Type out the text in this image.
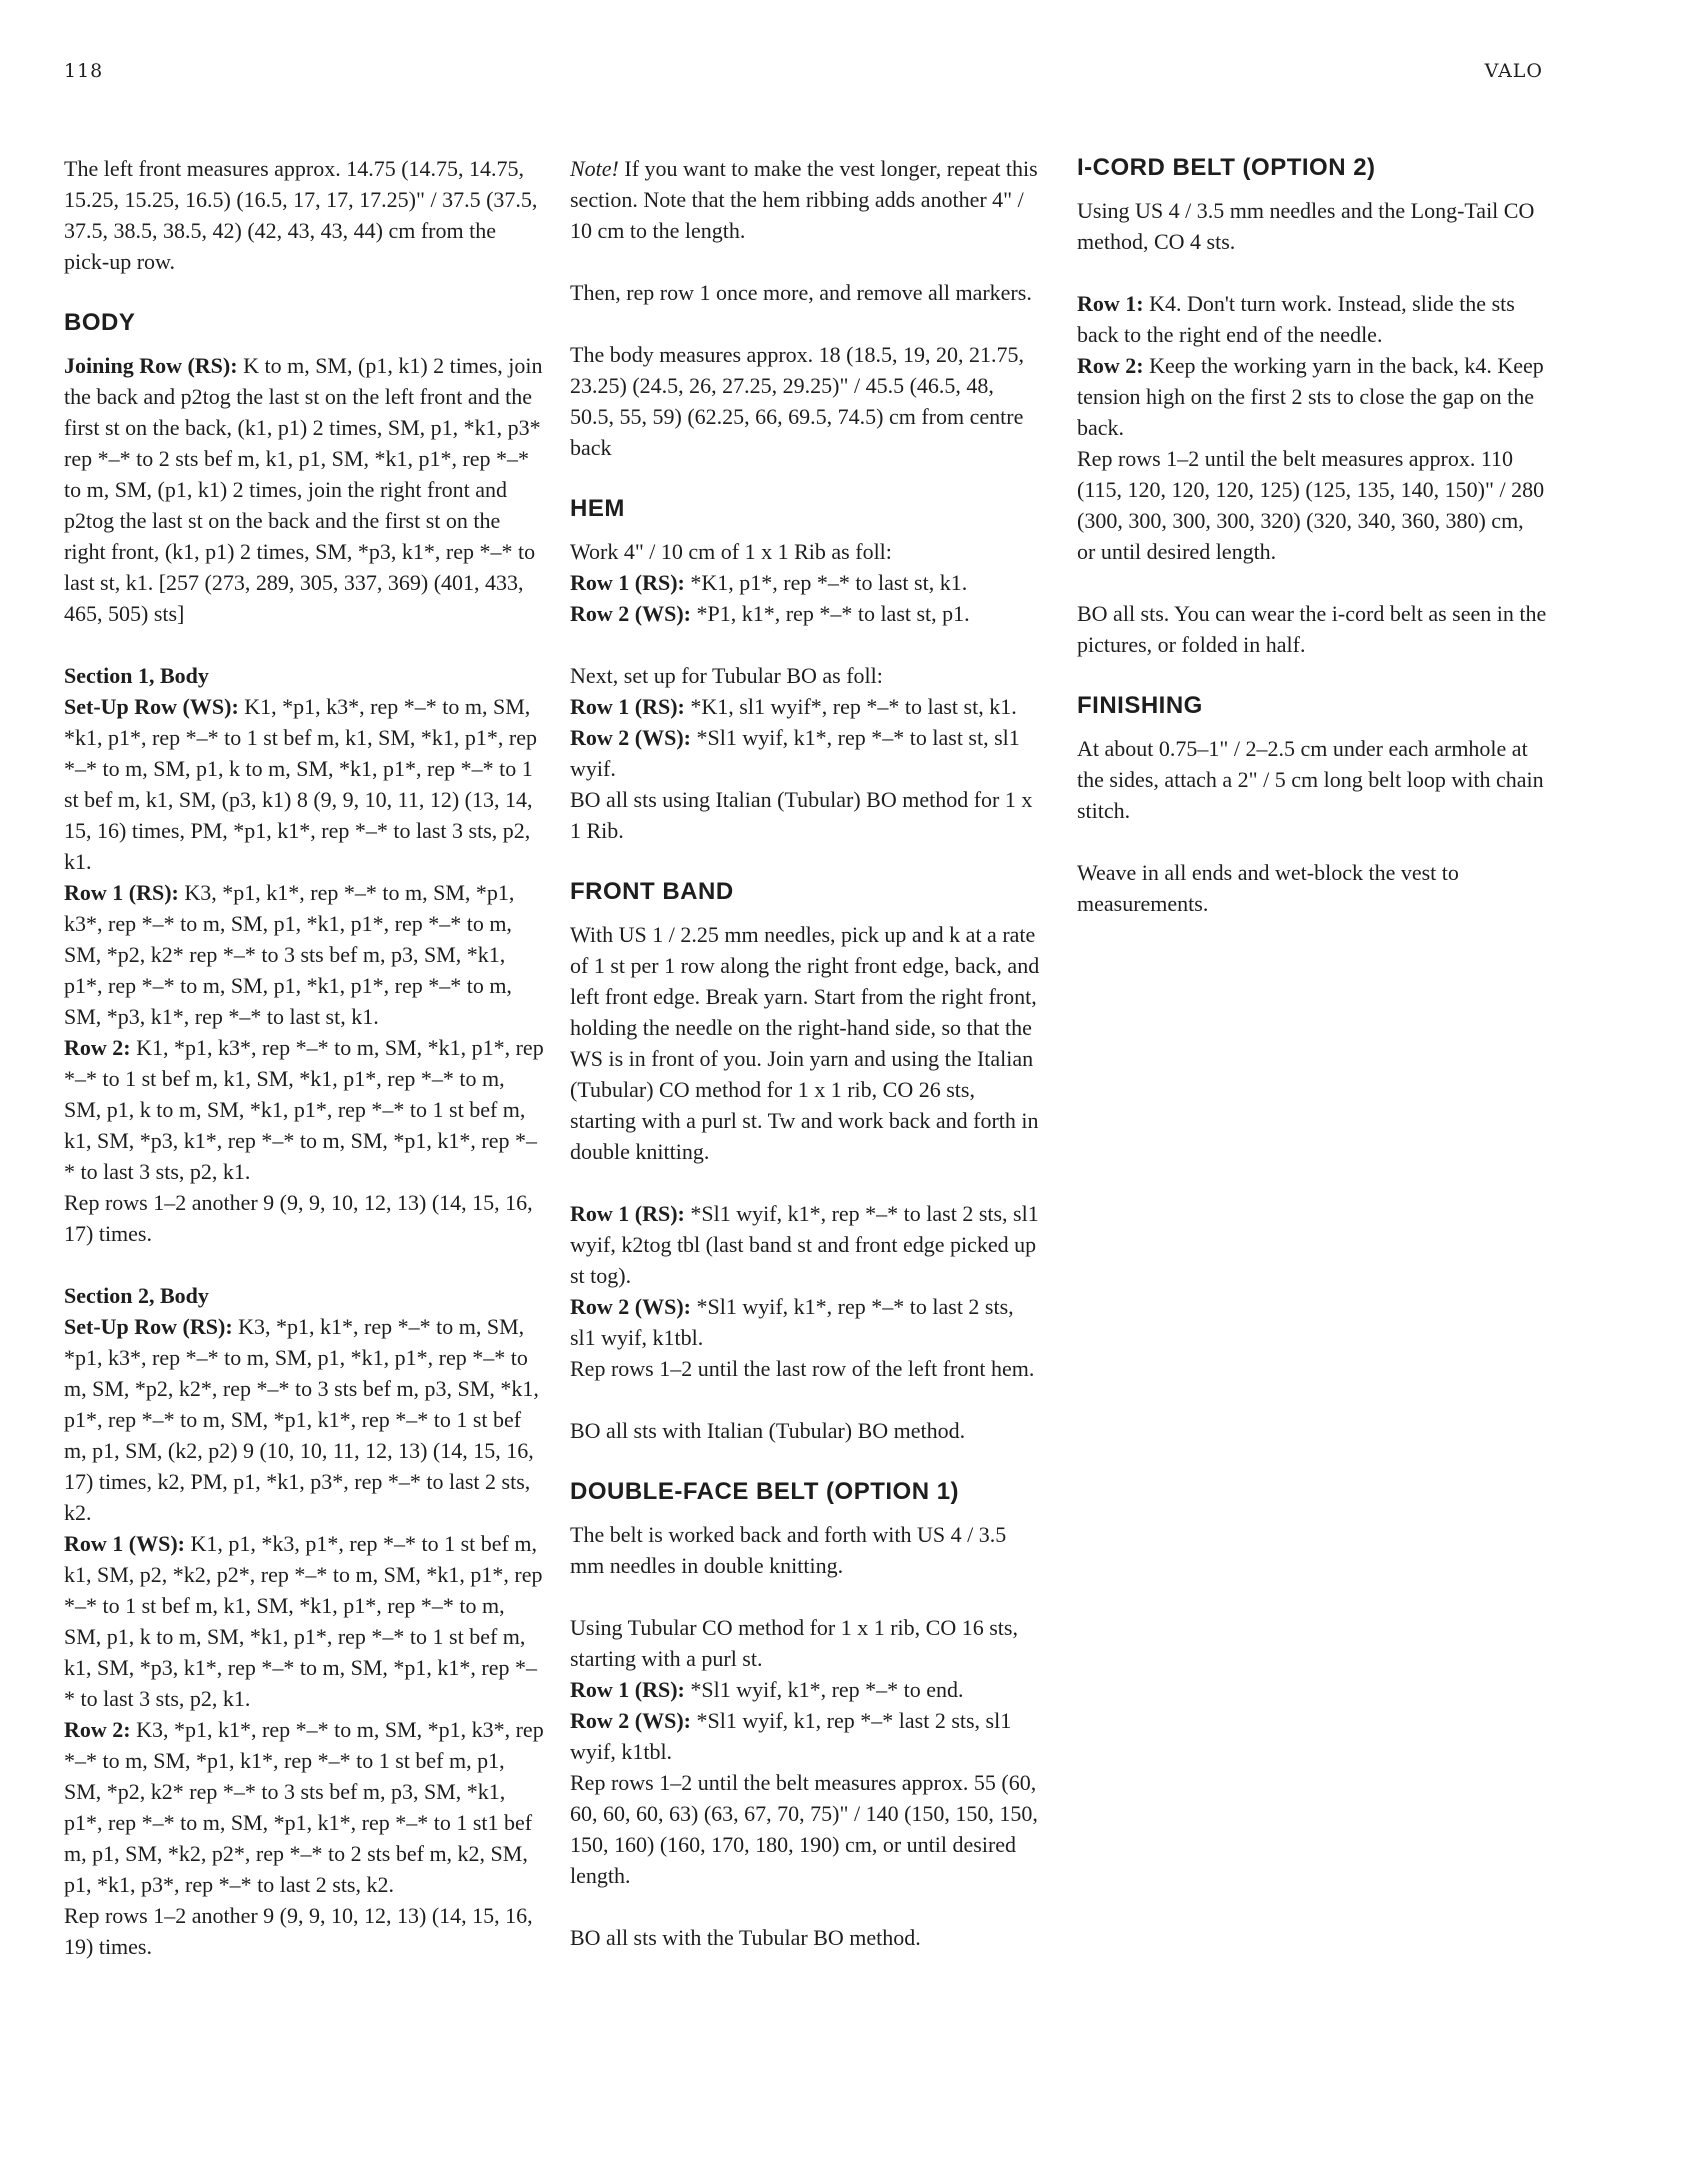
118	VALO

The left front measures approx. 14.75 (14.75, 14.75, 15.25, 15.25, 16.5) (16.5, 17, 17, 17.25)" / 37.5 (37.5, 37.5, 38.5, 38.5, 42) (42, 43, 43, 44) cm from the pick-up row.

BODY

Joining Row (RS): K to m, SM, (p1, k1) 2 times, join the back and p2tog the last st on the left front and the first st on the back, (k1, p1) 2 times, SM, p1, *k1, p3* rep *–* to 2 sts bef m, k1, p1, SM, *k1, p1*, rep *–* to m, SM, (p1, k1) 2 times, join the right front and p2tog the last st on the back and the first st on the right front, (k1, p1) 2 times, SM, *p3, k1*, rep *–* to last st, k1. [257 (273, 289, 305, 337, 369) (401, 433, 465, 505) sts]

Section 1, Body

Set-Up Row (WS): K1, *p1, k3*, rep *–* to m, SM, *k1, p1*, rep *–* to 1 st bef m, k1, SM, *k1, p1*, rep *–* to m, SM, p1, k to m, SM, *k1, p1*, rep *–* to 1 st bef m, k1, SM, (p3, k1) 8 (9, 9, 10, 11, 12) (13, 14, 15, 16) times, PM, *p1, k1*, rep *–* to last 3 sts, p2, k1.

Row 1 (RS): K3, *p1, k1*, rep *–* to m, SM, *p1, k3*, rep *–* to m, SM, p1, *k1, p1*, rep *–* to m, SM, *p2, k2* rep *–* to 3 sts bef m, p3, SM, *k1, p1*, rep *–* to m, SM, p1, *k1, p1*, rep *–* to m, SM, *p3, k1*, rep *–* to last st, k1.

Row 2: K1, *p1, k3*, rep *–* to m, SM, *k1, p1*, rep *–* to 1 st bef m, k1, SM, *k1, p1*, rep *–* to m, SM, p1, k to m, SM, *k1, p1*, rep *–* to 1 st bef m, k1, SM, *p3, k1*, rep *–* to m, SM, *p1, k1*, rep *–* to last 3 sts, p2, k1.

Rep rows 1–2 another 9 (9, 9, 10, 12, 13) (14, 15, 16, 17) times.

Section 2, Body

Set-Up Row (RS): K3, *p1, k1*, rep *–* to m, SM, *p1, k3*, rep *–* to m, SM, p1, *k1, p1*, rep *–* to m, SM, *p2, k2*, rep *–* to 3 sts bef m, p3, SM, *k1, p1*, rep *–* to m, SM, *p1, k1*, rep *–* to 1 st bef m, p1, SM, (k2, p2) 9 (10, 10, 11, 12, 13) (14, 15, 16, 17) times, k2, PM, p1, *k1, p3*, rep *–* to last 2 sts, k2.

Row 1 (WS): K1, p1, *k3, p1*, rep *–* to 1 st bef m, k1, SM, p2, *k2, p2*, rep *–* to m, SM, *k1, p1*, rep *–* to 1 st bef m, k1, SM, *k1, p1*, rep *–* to m, SM, p1, k to m, SM, *k1, p1*, rep *–* to 1 st bef m, k1, SM, *p3, k1*, rep *–* to m, SM, *p1, k1*, rep *–* to last 3 sts, p2, k1.

Row 2: K3, *p1, k1*, rep *–* to m, SM, *p1, k3*, rep *–* to m, SM, *p1, k1*, rep *–* to 1 st bef m, p1, SM, *p2, k2* rep *–* to 3 sts bef m, p3, SM, *k1, p1*, rep *–* to m, SM, *p1, k1*, rep *–* to 1 st1 bef m, p1, SM, *k2, p2*, rep *–* to 2 sts bef m, k2, SM, p1, *k1, p3*, rep *–* to last 2 sts, k2.

Rep rows 1–2 another 9 (9, 9, 10, 12, 13) (14, 15, 16, 19) times.

Note! If you want to make the vest longer, repeat this section. Note that the hem ribbing adds another 4" / 10 cm to the length.

Then, rep row 1 once more, and remove all markers.

The body measures approx. 18 (18.5, 19, 20, 21.75, 23.25) (24.5, 26, 27.25, 29.25)" / 45.5 (46.5, 48, 50.5, 55, 59) (62.25, 66, 69.5, 74.5) cm from centre back

HEM

Work 4" / 10 cm of 1 x 1 Rib as foll:

Row 1 (RS): *K1, p1*, rep *–* to last st, k1.

Row 2 (WS): *P1, k1*, rep *–* to last st, p1.

Next, set up for Tubular BO as foll:

Row 1 (RS): *K1, sl1 wyif*, rep *–* to last st, k1.

Row 2 (WS): *Sl1 wyif, k1*, rep *–* to last st, sl1 wyif.

BO all sts using Italian (Tubular) BO method for 1 x 1 Rib.

FRONT BAND

With US 1 / 2.25 mm needles, pick up and k at a rate of 1 st per 1 row along the right front edge, back, and left front edge. Break yarn. Start from the right front, holding the needle on the right-hand side, so that the WS is in front of you. Join yarn and using the Italian (Tubular) CO method for 1 x 1 rib, CO 26 sts, starting with a purl st. Tw and work back and forth in double knitting.

Row 1 (RS): *Sl1 wyif, k1*, rep *–* to last 2 sts, sl1 wyif, k2tog tbl (last band st and front edge picked up st tog).

Row 2 (WS): *Sl1 wyif, k1*, rep *–* to last 2 sts, sl1 wyif, k1tbl.

Rep rows 1–2 until the last row of the left front hem.

BO all sts with Italian (Tubular) BO method.

DOUBLE-FACE BELT (OPTION 1)

The belt is worked back and forth with US 4 / 3.5 mm needles in double knitting.

Using Tubular CO method for 1 x 1 rib, CO 16 sts, starting with a purl st.

Row 1 (RS): *Sl1 wyif, k1*, rep *–* to end.

Row 2 (WS): *Sl1 wyif, k1, rep *–* last 2 sts, sl1 wyif, k1tbl.

Rep rows 1–2 until the belt measures approx. 55 (60, 60, 60, 60, 63) (63, 67, 70, 75)" / 140 (150, 150, 150, 150, 160) (160, 170, 180, 190) cm, or until desired length.

BO all sts with the Tubular BO method.

I-CORD BELT (OPTION 2)

Using US 4 / 3.5 mm needles and the Long-Tail CO method, CO 4 sts.

Row 1: K4. Don't turn work. Instead, slide the sts back to the right end of the needle.

Row 2: Keep the working yarn in the back, k4. Keep tension high on the first 2 sts to close the gap on the back.

Rep rows 1–2 until the belt measures approx. 110 (115, 120, 120, 120, 125) (125, 135, 140, 150)" / 280 (300, 300, 300, 300, 320) (320, 340, 360, 380) cm, or until desired length.

BO all sts. You can wear the i-cord belt as seen in the pictures, or folded in half.

FINISHING

At about 0.75–1" / 2–2.5 cm under each armhole at the sides, attach a 2" / 5 cm long belt loop with chain stitch.

Weave in all ends and wet-block the vest to measurements.
